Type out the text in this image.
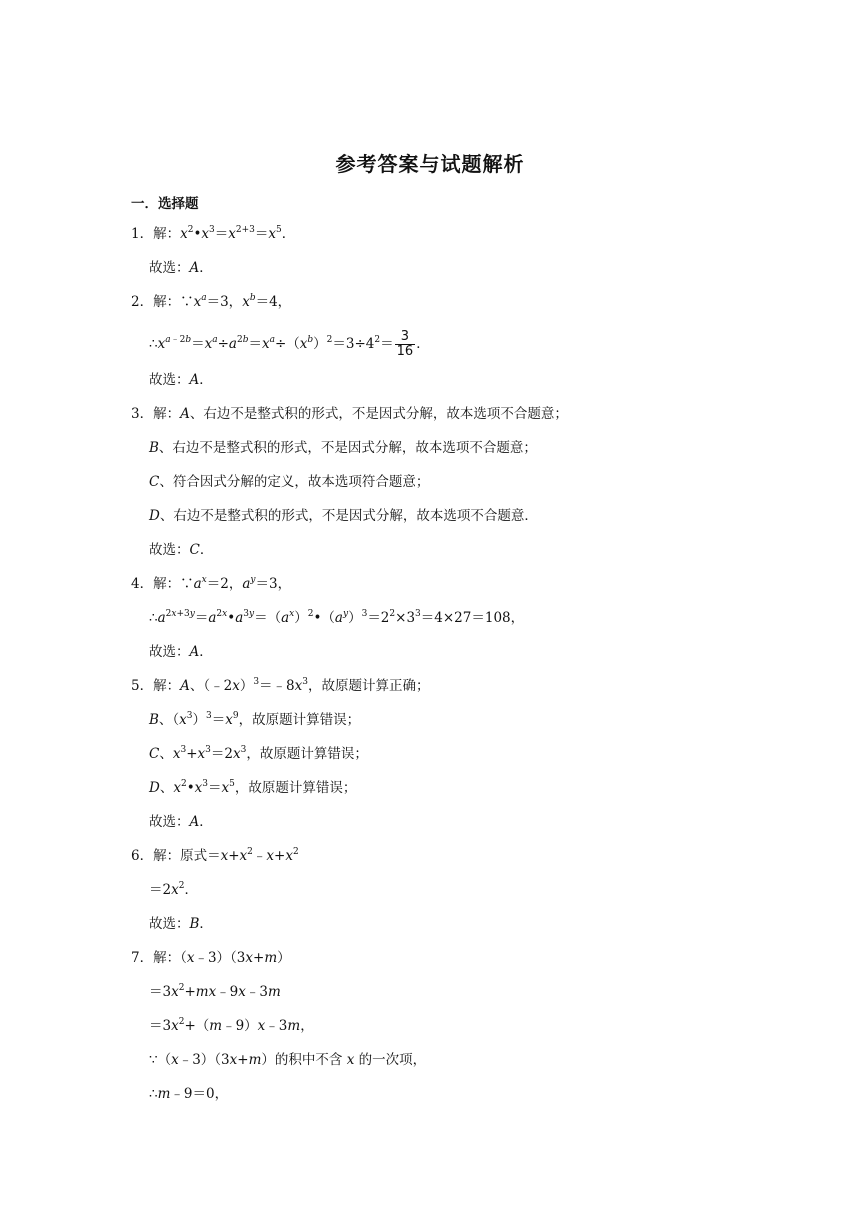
参考答案与试题解析
一．选择题
1．解：$x^2•x^3=x^{2+3}=x^5$．
故选：A．
2．解：$\because x^a=3$，$x^b=4$，
$\therefore x^{a﹣2b}=x^a\div a^{2b}=x^a\div(x^b)^2=3\div 4^2= \frac{3}{16}$ ．
故选：A．
3．解：A、右边不是整式积的形式，不是因式分解，故本选项不合题意；
B、右边不是整式积的形式，不是因式分解，故本选项不合题意；
C、符合因式分解的定义，故本选项符合题意；
D、右边不是整式积的形式，不是因式分解，故本选项不合题意．
故选：C．
4．解：$\because a^x=2$，$a^y=3$，
$\therefore a^{2x+3y}=a^{2x}•a^{3y}=(a^x)^2•(a^y)^3=2^2\times 3^3=4\times 27=108$，
故选：A．
5．解：A、$(﹣2x)^3=﹣8x^3$，故原题计算正确；
B、$(x^3)^3=x^9$，故原题计算错误；
C、$x^3+x^3=2x^3$，故原题计算错误；
D、$x^2•x^3=x^5$，故原题计算错误；
故选：A．
6．解：原式$=x+x^2﹣x+x^2$
$=2x^2$．
故选：B．
7．解：（x﹣3）（3x+m）
$=3x^2+mx﹣9x﹣3m$
$=3x^2+(m﹣9)x﹣3m$，
∵（x﹣3）（3x+m）的积中不含 x 的一次项，
∴m﹣9＝0，
